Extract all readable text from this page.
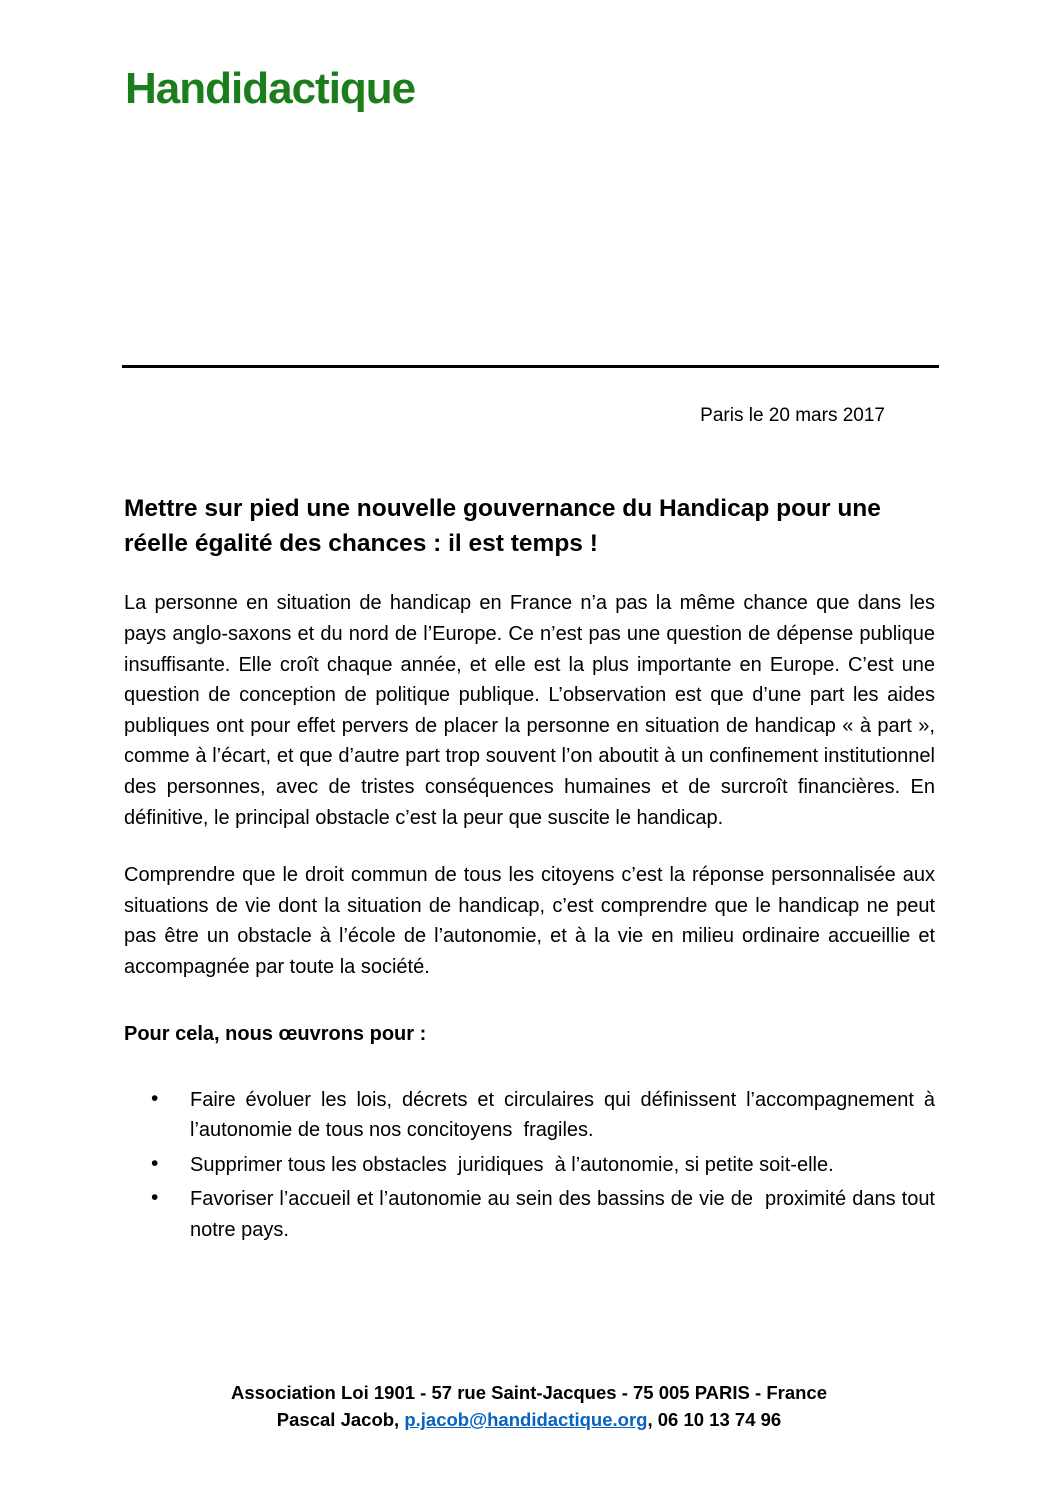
Handidactique
Paris le 20 mars 2017
Mettre sur pied une nouvelle gouvernance du Handicap pour une réelle égalité des chances : il est temps !

La personne en situation de handicap en France n’a pas la même chance que dans les pays anglo-saxons et du nord de l’Europe. Ce n’est pas une question de dépense publique insuffisante. Elle croît chaque année, et elle est la plus importante en Europe. C’est une question de conception de politique publique. L’observation est que d’une part les aides publiques ont pour effet pervers de placer la personne en situation de handicap « à part », comme à l’écart, et que d’autre part trop souvent l’on aboutit à un confinement institutionnel des personnes, avec de tristes conséquences humaines et de surcroît financières. En définitive, le principal obstacle c’est la peur que suscite le handicap.

Comprendre que le droit commun de tous les citoyens c’est la réponse personnalisée aux situations de vie dont la situation de handicap, c’est comprendre que le handicap ne peut pas être un obstacle à l’école de l’autonomie, et à la vie en milieu ordinaire accueillie et accompagnée par toute la société.

Pour cela, nous œuvrons pour :

• Faire évoluer les lois, décrets et circulaires qui définissent l’accompagnement à l’autonomie de tous nos concitoyens  fragiles.
• Supprimer tous les obstacles  juridiques  à l’autonomie, si petite soit-elle.
• Favoriser l’accueil et l’autonomie au sein des bassins de vie de  proximité dans tout notre pays.
Association Loi 1901 - 57 rue Saint-Jacques - 75 005 PARIS - France
Pascal Jacob, p.jacob@handidactique.org, 06 10 13 74 96
